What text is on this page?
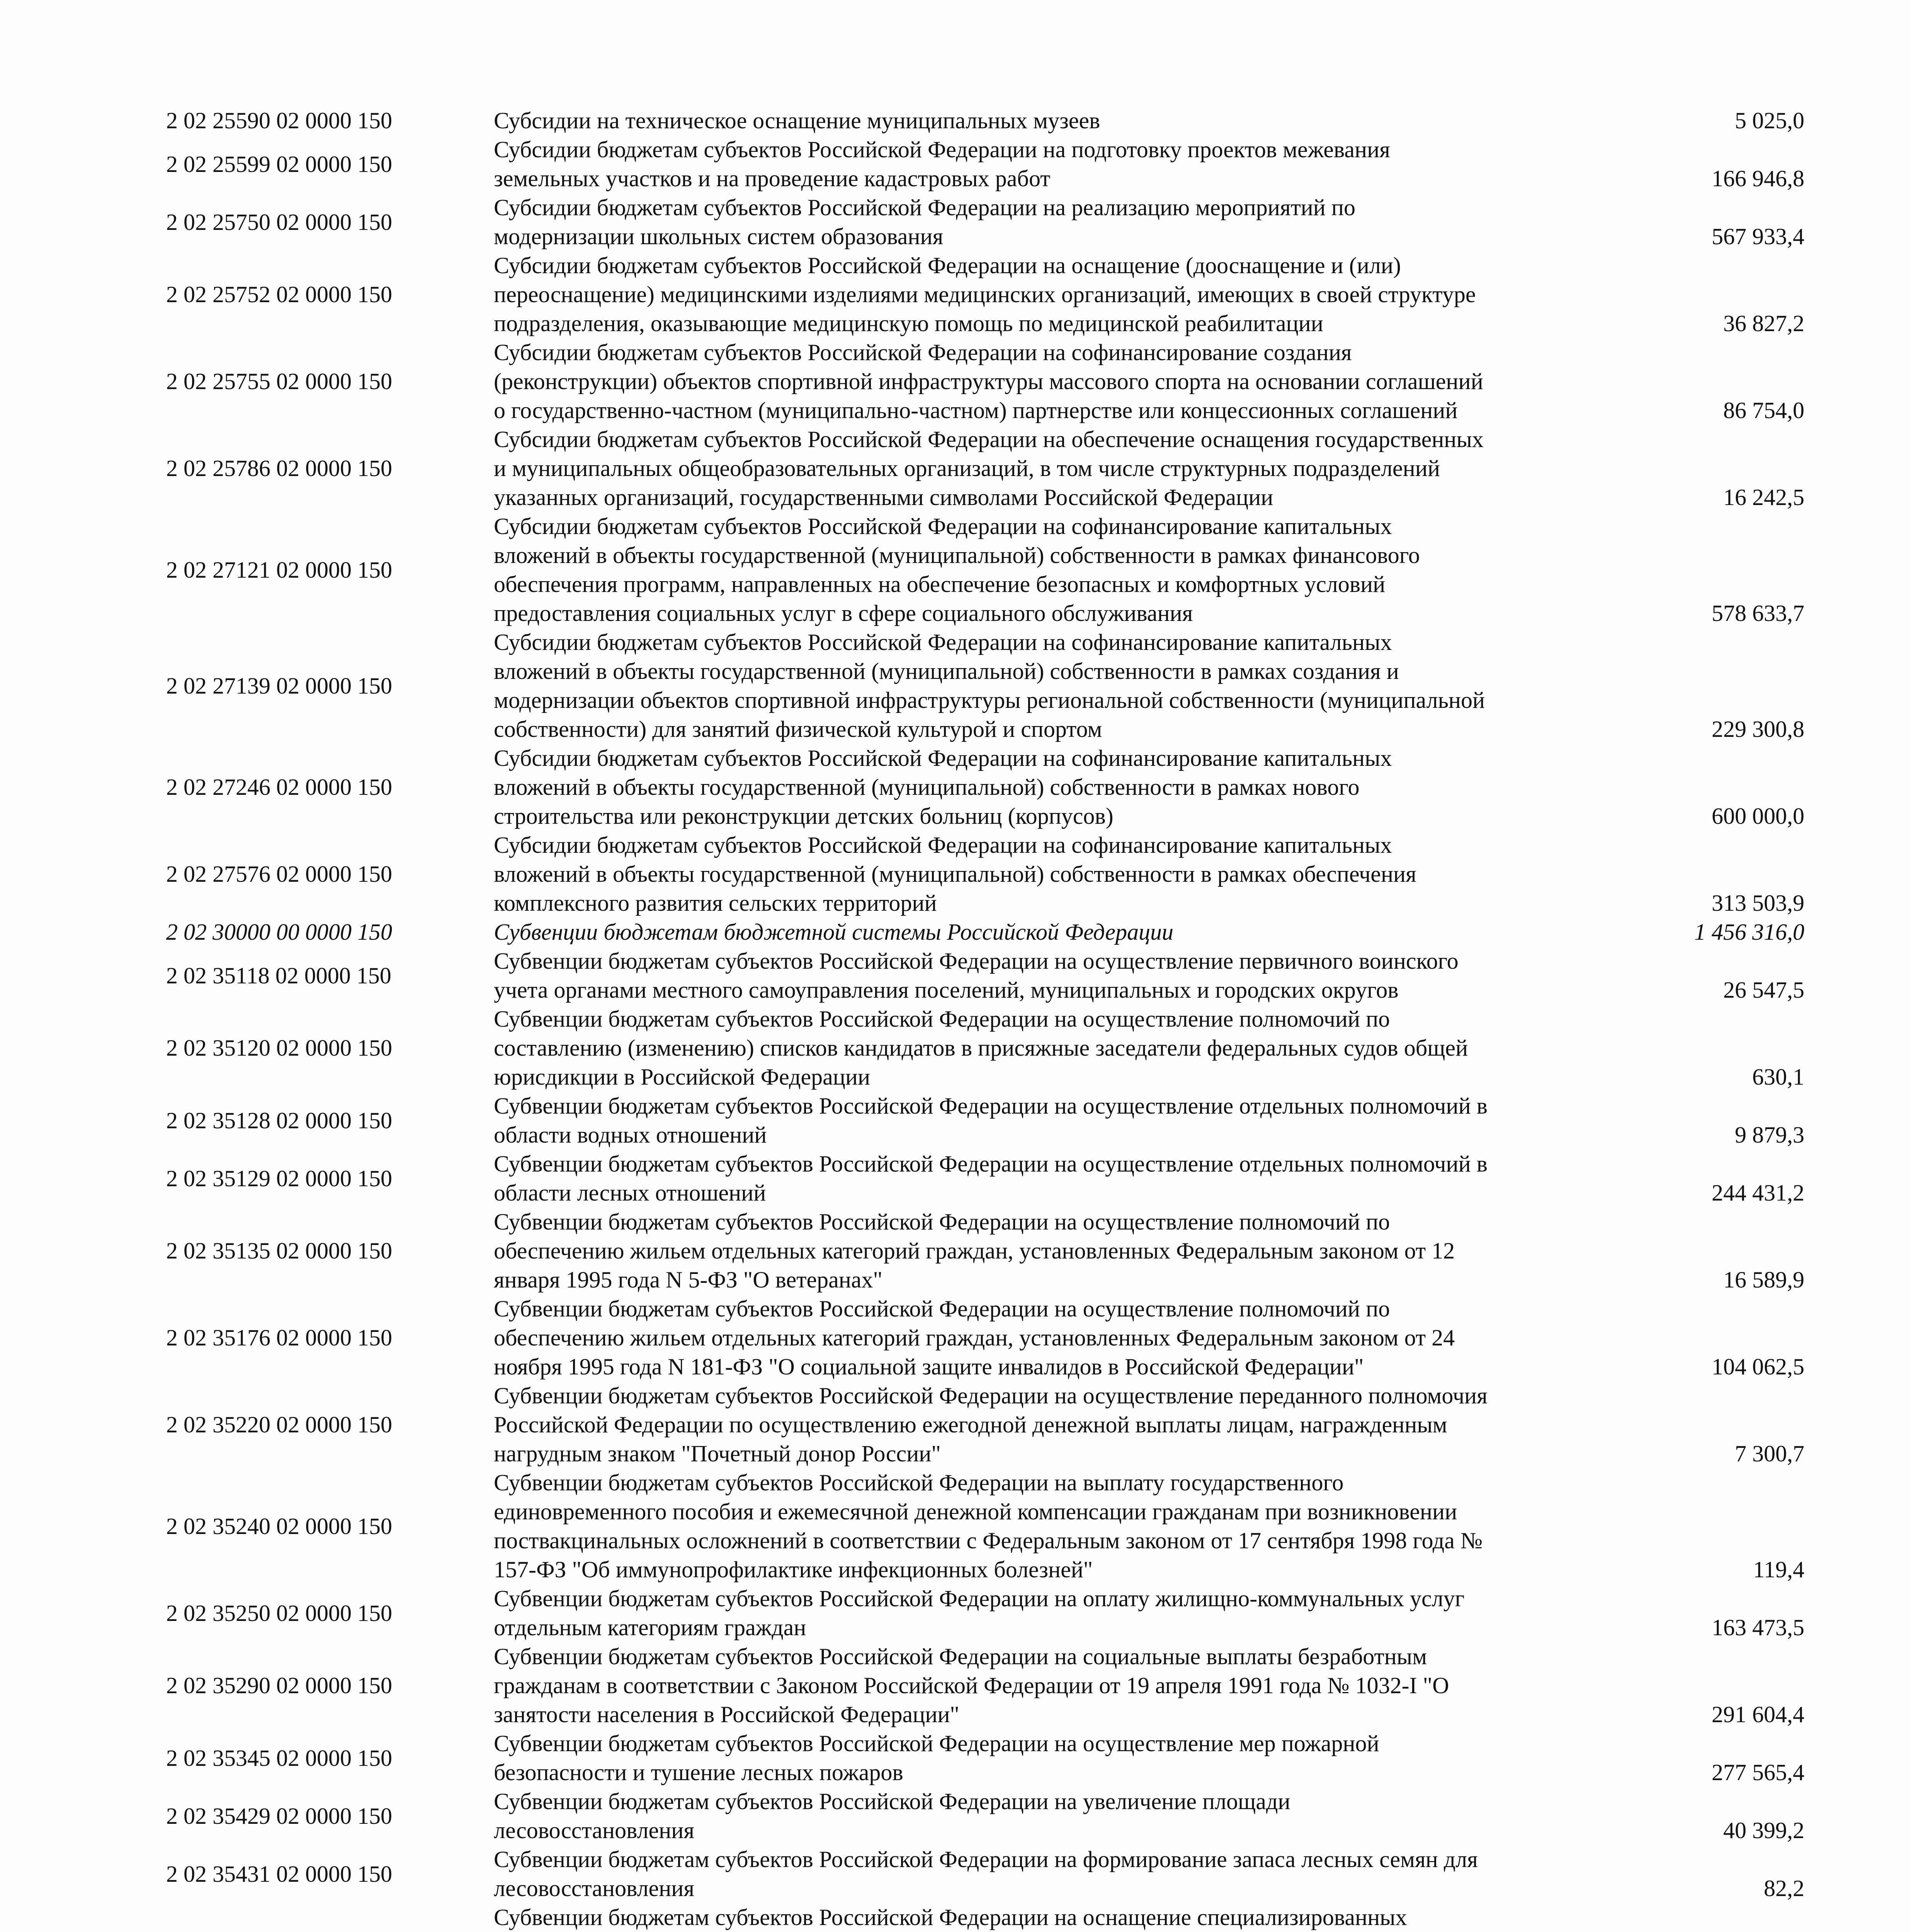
2 02 25590 02 0000 150	Субсидии на техническое оснащение муниципальных музеев	5 025,0
2 02 25599 02 0000 150	Субсидии бюджетам субъектов Российской Федерации на подготовку проектов межевания земельных участков и на проведение кадастровых работ	166 946,8
2 02 25750 02 0000 150	Субсидии бюджетам субъектов Российской Федерации на реализацию мероприятий по модернизации школьных систем образования	567 933,4
2 02 25752 02 0000 150	Субсидии бюджетам субъектов Российской Федерации на оснащение (дооснащение и (или) переоснащение) медицинскими изделиями медицинских организаций, имеющих в своей структуре подразделения, оказывающие медицинскую помощь по медицинской реабилитации	36 827,2
2 02 25755 02 0000 150	Субсидии бюджетам субъектов Российской Федерации на софинансирование создания (реконструкции) объектов спортивной инфраструктуры массового спорта на основании соглашений о государственно-частном (муниципально-частном) партнерстве или концессионных соглашений	86 754,0
2 02 25786 02 0000 150	Субсидии бюджетам субъектов Российской Федерации на обеспечение оснащения государственных и муниципальных общеобразовательных организаций, в том числе структурных подразделений указанных организаций, государственными символами Российской Федерации	16 242,5
2 02 27121 02 0000 150	Субсидии бюджетам субъектов Российской Федерации на софинансирование капитальных вложений в объекты государственной (муниципальной) собственности в рамках финансового обеспечения программ, направленных на обеспечение безопасных и комфортных условий предоставления социальных услуг в сфере социального обслуживания	578 633,7
2 02 27139 02 0000 150	Субсидии бюджетам субъектов Российской Федерации на софинансирование капитальных вложений в объекты государственной (муниципальной) собственности в рамках создания и модернизации объектов спортивной инфраструктуры региональной собственности (муниципальной собственности) для занятий физической культурой и спортом	229 300,8
2 02 27246 02 0000 150	Субсидии бюджетам субъектов Российской Федерации на софинансирование капитальных вложений в объекты государственной (муниципальной) собственности в рамках нового строительства или реконструкции детских больниц (корпусов)	600 000,0
2 02 27576 02 0000 150	Субсидии бюджетам субъектов Российской Федерации на софинансирование капитальных вложений в объекты государственной (муниципальной) собственности в рамках обеспечения комплексного развития сельских территорий	313 503,9
2 02 30000 00 0000 150	Субвенции бюджетам бюджетной системы Российской Федерации	1 456 316,0
2 02 35118 02 0000 150	Субвенции бюджетам субъектов Российской Федерации на осуществление первичного воинского учета органами местного самоуправления поселений, муниципальных и городских округов	26 547,5
2 02 35120 02 0000 150	Субвенции бюджетам субъектов Российской Федерации на осуществление полномочий по составлению (изменению) списков кандидатов в присяжные заседатели федеральных судов общей юрисдикции в Российской Федерации	630,1
2 02 35128 02 0000 150	Субвенции бюджетам субъектов Российской Федерации на осуществление отдельных полномочий в области водных отношений	9 879,3
2 02 35129 02 0000 150	Субвенции бюджетам субъектов Российской Федерации на осуществление отдельных полномочий в области лесных отношений	244 431,2
2 02 35135 02 0000 150	Субвенции бюджетам субъектов Российской Федерации на осуществление полномочий по обеспечению жильем отдельных категорий граждан, установленных Федеральным законом от 12 января 1995 года N 5-ФЗ "О ветеранах"	16 589,9
2 02 35176 02 0000 150	Субвенции бюджетам субъектов Российской Федерации на осуществление полномочий по обеспечению жильем отдельных категорий граждан, установленных Федеральным законом от 24 ноября 1995 года N 181-ФЗ "О социальной защите инвалидов в Российской Федерации"	104 062,5
2 02 35220 02 0000 150	Субвенции бюджетам субъектов Российской Федерации на осуществление переданного полномочия Российской Федерации по осуществлению ежегодной денежной выплаты лицам, награжденным нагрудным знаком "Почетный донор России"	7 300,7
2 02 35240 02 0000 150	Субвенции бюджетам субъектов Российской Федерации на выплату государственного единовременного пособия и ежемесячной денежной компенсации гражданам при возникновении поствакцинальных осложнений в соответствии с Федеральным законом от 17 сентября 1998 года № 157-ФЗ "Об иммунопрофилактике инфекционных болезней"	119,4
2 02 35250 02 0000 150	Субвенции бюджетам субъектов Российской Федерации на оплату жилищно-коммунальных услуг отдельным категориям граждан	163 473,5
2 02 35290 02 0000 150	Субвенции бюджетам субъектов Российской Федерации на социальные выплаты безработным гражданам в соответствии с Законом Российской Федерации от 19 апреля 1991 года № 1032-I "О занятости населения в Российской Федерации"	291 604,4
2 02 35345 02 0000 150	Субвенции бюджетам субъектов Российской Федерации на осуществление мер пожарной безопасности и тушение лесных пожаров	277 565,4
2 02 35429 02 0000 150	Субвенции бюджетам субъектов Российской Федерации на увеличение площади лесовосстановления	40 399,2
2 02 35431 02 0000 150	Субвенции бюджетам субъектов Российской Федерации на формирование запаса лесных семян для лесовосстановления	82,2
	Субвенции бюджетам субъектов Российской Федерации на оснащение специализированных	
